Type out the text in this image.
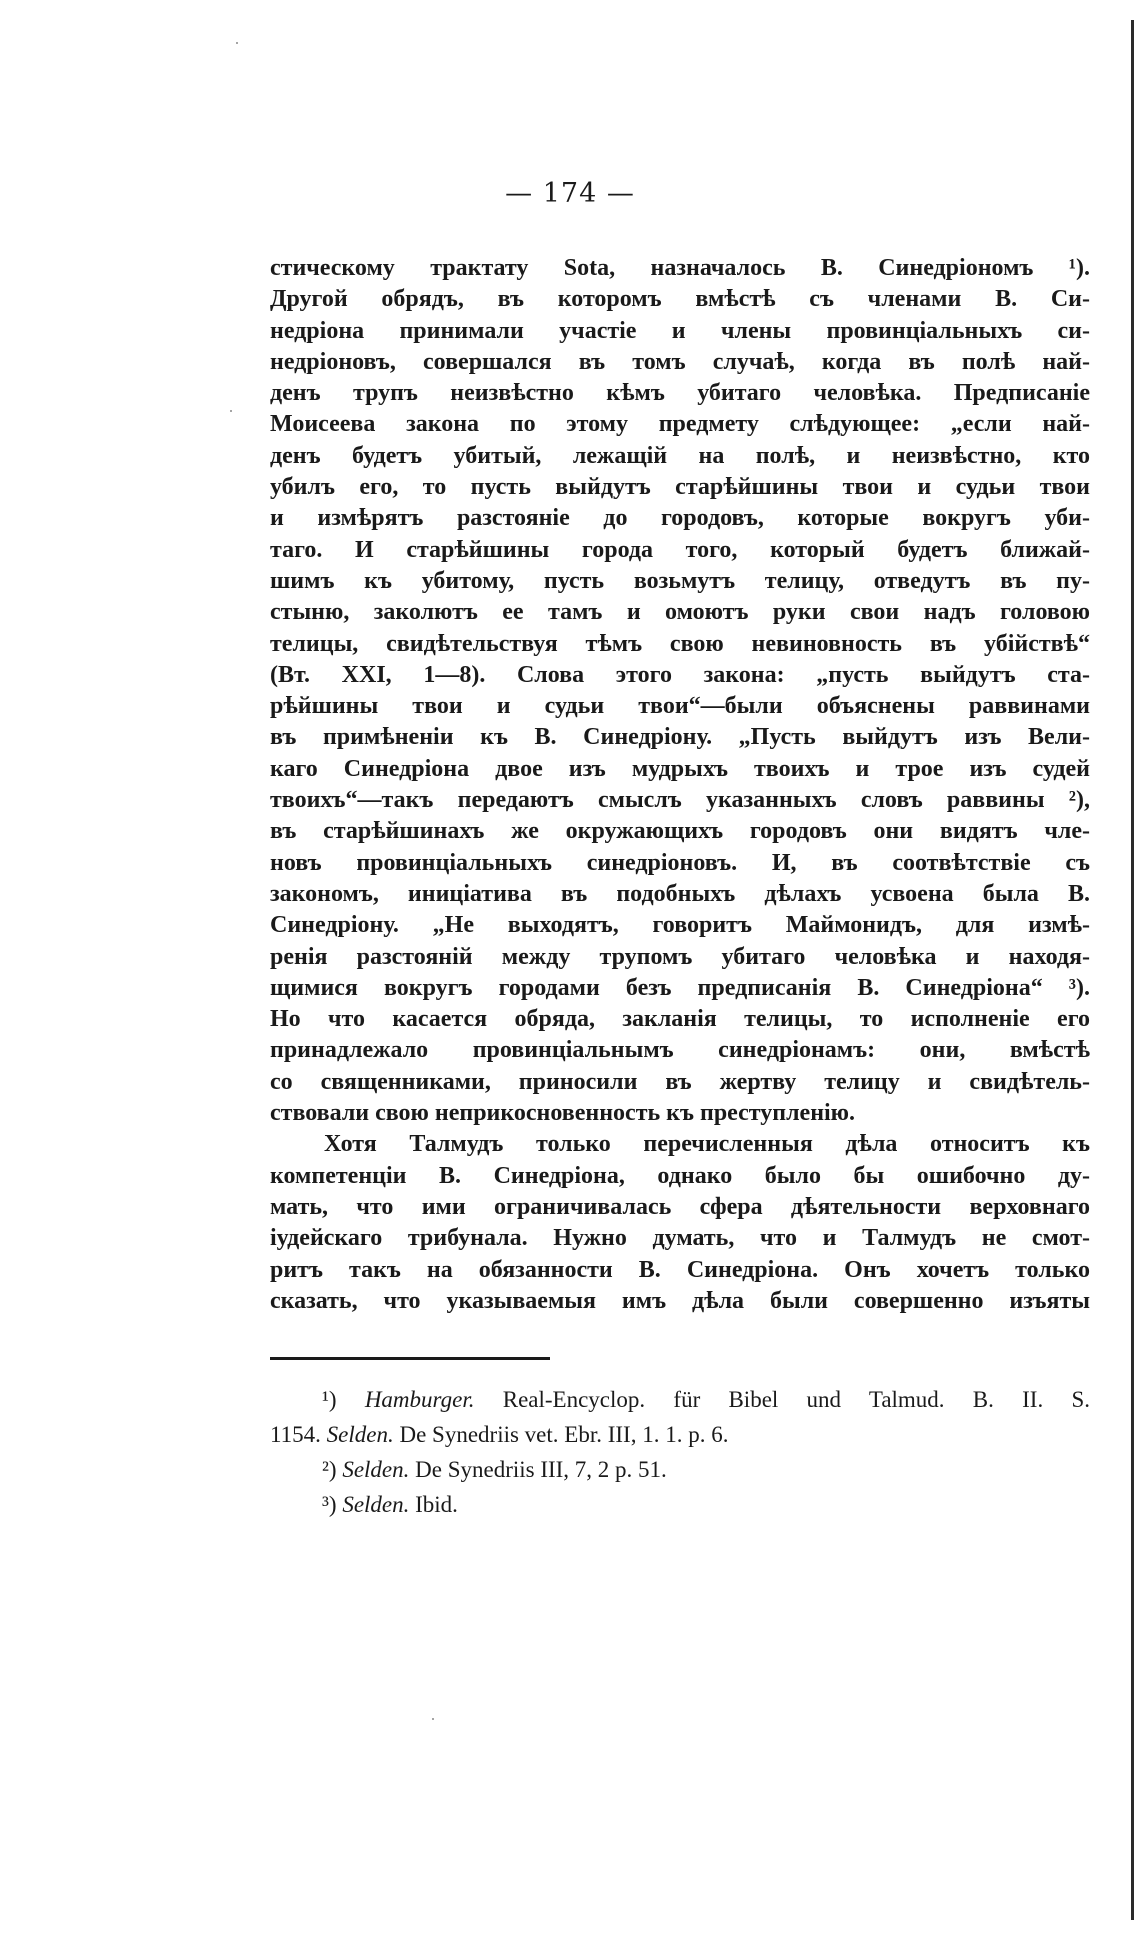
— 174 —
стическому трактату Sota, назначалось В. Синедріономъ ¹).
Другой обрядъ, въ которомъ вмѣстѣ съ членами В. Си-
недріона принимали участіе и члены провинціальныхъ си-
недріоновъ, совершался въ томъ случаѣ, когда въ полѣ най-
денъ трупъ неизвѣстно кѣмъ убитаго человѣка. Предписаніе
Моисеева закона по этому предмету слѣдующее: „если най-
денъ будетъ убитый, лежащій на полѣ, и неизвѣстно, кто
убилъ его, то пусть выйдутъ старѣйшины твои и судьи твои
и измѣрятъ разстояніе до городовъ, которые вокругъ уби-
таго. И старѣйшины города того, который будетъ ближай-
шимъ къ убитому, пусть возьмутъ телицу, отведутъ въ пу-
стыню, заколютъ ее тамъ и омоютъ руки свои надъ головою
телицы, свидѣтельствуя тѣмъ свою невиновность въ убійствѣ“
(Вт. XXI, 1—8). Слова этого закона: „пусть выйдутъ ста-
рѣйшины твои и судьи твои“—были объяснены раввинами
въ примѣненіи къ В. Синедріону. „Пусть выйдутъ изъ Вели-
каго Синедріона двое изъ мудрыхъ твоихъ и трое изъ судей
твоихъ“—такъ передаютъ смыслъ указанныхъ словъ раввины ²),
въ старѣйшинахъ же окружающихъ городовъ они видятъ чле-
новъ провинціальныхъ синедріоновъ. И, въ соотвѣтствіе съ
закономъ, иниціатива въ подобныхъ дѣлахъ усвоена была В.
Синедріону. „Не выходятъ, говоритъ Маймонидъ, для измѣ-
ренія разстояній между трупомъ убитаго человѣка и находя-
щимися вокругъ городами безъ предписанія В. Синедріона“ ³).
Но что касается обряда, закланія телицы, то исполненіе его
принадлежало провинціальнымъ синедріонамъ: они, вмѣстѣ
со священниками, приносили въ жертву телицу и свидѣтель-
ствовали свою неприкосновенность къ преступленію.
Хотя Талмудъ только перечисленныя дѣла относитъ къ
компетенціи В. Синедріона, однако было бы ошибочно ду-
мать, что ими ограничивалась сфера дѣятельности верховнаго
іудейскаго трибунала. Нужно думать, что и Талмудъ не смот-
ритъ такъ на обязанности В. Синедріона. Онъ хочетъ только
сказать, что указываемыя имъ дѣла были совершенно изъяты
¹) Hamburger. Real-Encyclop. für Bibel und Talmud. B. II. S.
1154. Selden. De Synedriis vet. Ebr. III, 1. 1. p. 6.
²) Selden. De Synedriis III, 7, 2 p. 51.
³) Selden. Ibid.
